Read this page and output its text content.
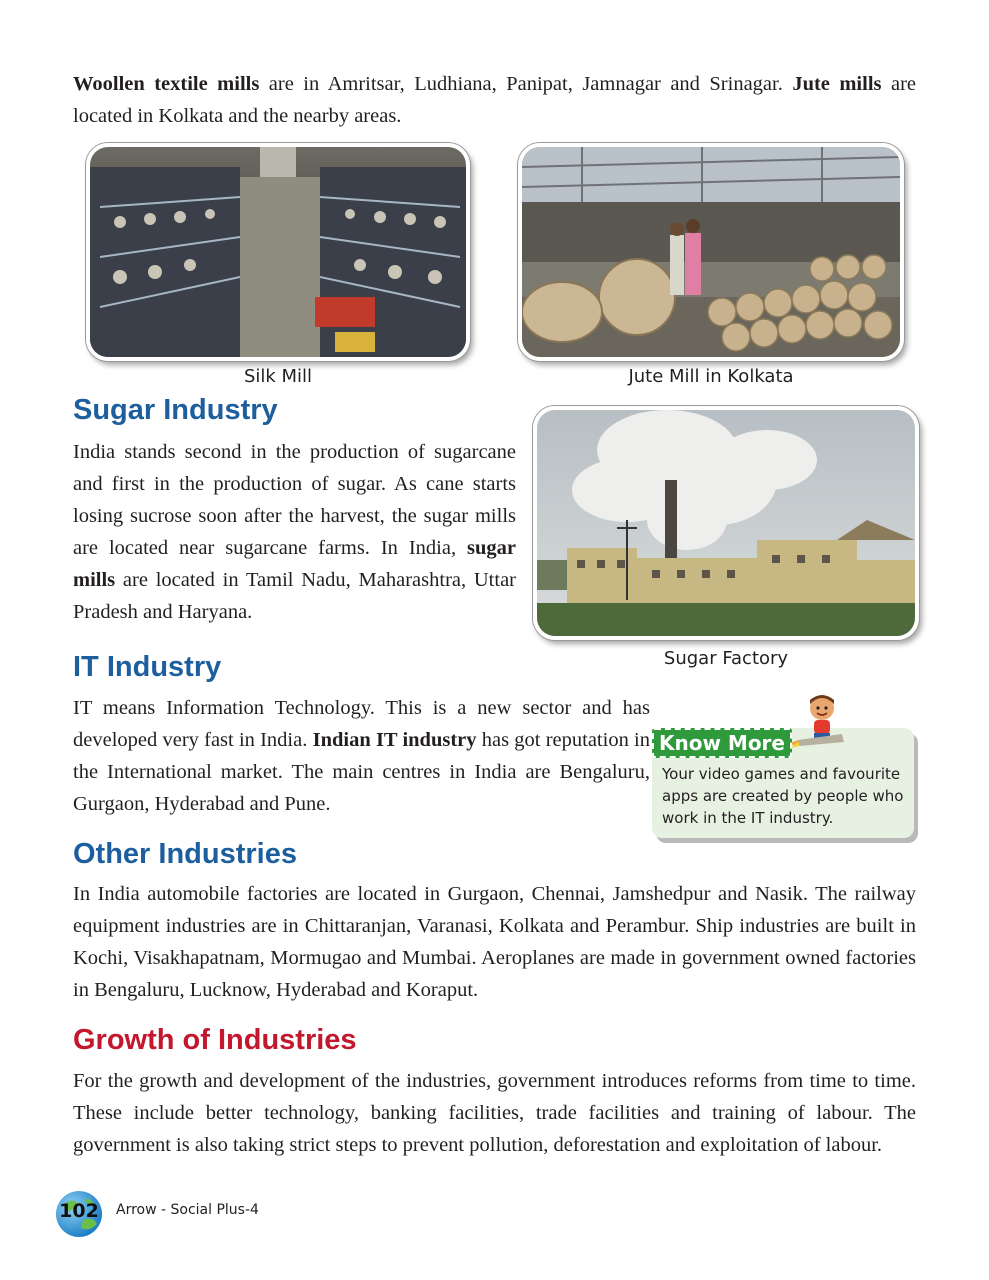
Woollen textile mills are in Amritsar, Ludhiana, Panipat, Jamnagar and Srinagar. Jute mills are located in Kolkata and the nearby areas.

Silk Mill	Jute Mill in Kolkata
Sugar Industry

India stands second in the production of sugarcane and first in the production of sugar. As cane starts losing sucrose soon after the harvest, the sugar mills are located near sugarcane farms. In India, sugar mills are located in Tamil Nadu, Maharashtra, Uttar Pradesh and Haryana.

Sugar Factory
IT Industry

IT means Information Technology. This is a new sector and has developed very fast in India. Indian IT industry has got reputation in the International market. The main centres in India are Bengaluru, Gurgaon, Hyderabad and Pune.

Know More

Your video games and favourite apps are created by people who work in the IT industry.

Other Industries

In India automobile factories are located in Gurgaon, Chennai, Jamshedpur and Nasik. The railway equipment industries are in Chittaranjan, Varanasi, Kolkata and Perambur. Ship industries are built in Kochi, Visakhapatnam, Mormugao and Mumbai. Aeroplanes are made in government owned factories in Bengaluru, Lucknow, Hyderabad and Koraput.

Growth of Industries

For the growth and development of the industries, government introduces reforms from time to time. These include better technology, banking facilities, trade facilities and training of labour. The government is also taking strict steps to prevent pollution, deforestation and exploitation of labour.

102 Arrow - Social Plus-4
